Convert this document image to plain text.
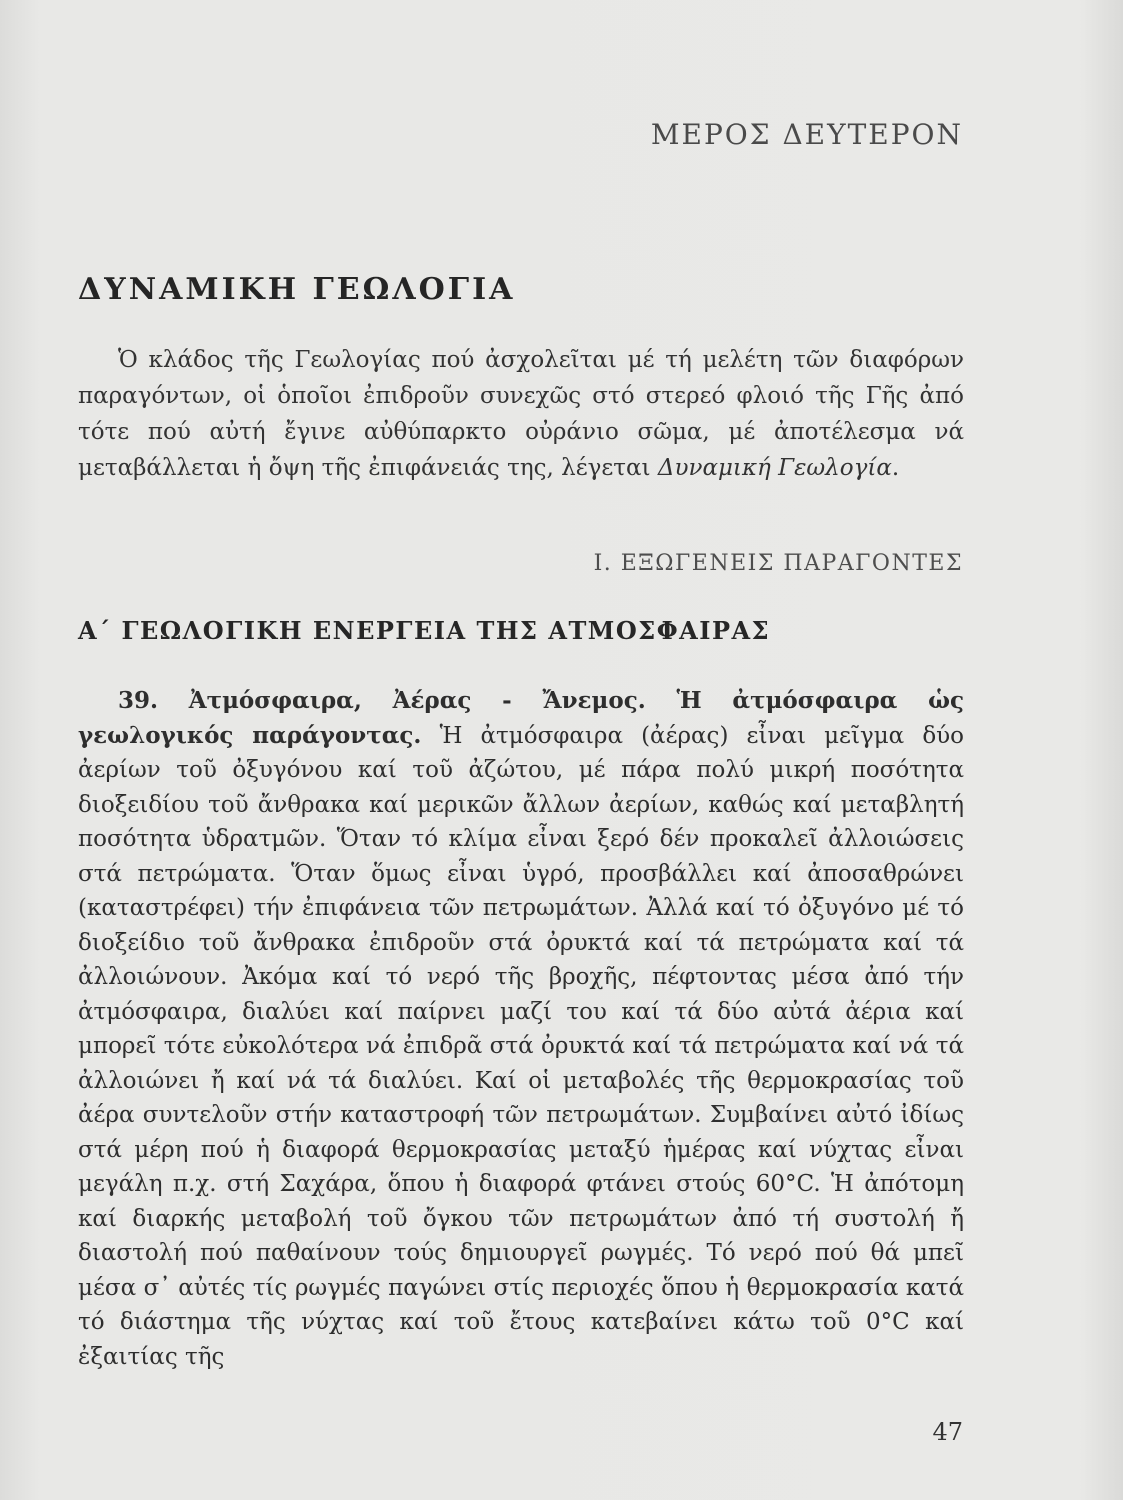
ΜΕΡΟΣ ΔΕΥΤΕΡΟΝ
ΔΥΝΑΜΙΚΗ ΓΕΩΛΟΓΙΑ

Ὁ κλάδος τῆς Γεωλογίας πού ἀσχολεῖται μέ τή μελέτη τῶν διαφόρων παραγόντων, οἱ ὁποῖοι ἐπιδροῦν συνεχῶς στό στερεό φλοιό τῆς Γῆς ἀπό τότε πού αὐτή ἔγινε αὐθύπαρκτο οὐράνιο σῶμα, μέ ἀποτέλεσμα νά μεταβάλλεται ἡ ὄψη τῆς ἐπιφάνειάς της, λέγεται Δυναμική Γεωλογία.

Ι. ΕΞΩΓΕΝΕΙΣ ΠΑΡΑΓΟΝΤΕΣ
Α΄ ΓΕΩΛΟΓΙΚΗ ΕΝΕΡΓΕΙΑ ΤΗΣ ΑΤΜΟΣΦΑΙΡΑΣ

39. Ἀτμόσφαιρα, Ἀέρας - Ἄνεμος. Ἡ ἀτμόσφαιρα ὡς γεωλογικός παράγοντας. Ἡ ἀτμόσφαιρα (ἀέρας) εἶναι μεῖγμα δύο ἀερίων τοῦ ὀξυγόνου καί τοῦ ἀζώτου, μέ πάρα πολύ μικρή ποσότητα διοξειδίου τοῦ ἄνθρακα καί μερικῶν ἄλλων ἀερίων, καθώς καί μεταβλητή ποσότητα ὑδρατμῶν. Ὅταν τό κλίμα εἶναι ξερό δέν προκαλεῖ ἀλλοιώσεις στά πετρώματα. Ὅταν ὅμως εἶναι ὑγρό, προσβάλλει καί ἀποσαθρώνει (καταστρέφει) τήν ἐπιφάνεια τῶν πετρωμάτων. Ἀλλά καί τό ὀξυγόνο μέ τό διοξείδιο τοῦ ἄνθρακα ἐπιδροῦν στά ὀρυκτά καί τά πετρώματα καί τά ἀλλοιώνουν. Ἀκόμα καί τό νερό τῆς βροχῆς, πέφτοντας μέσα ἀπό τήν ἀτμόσφαιρα, διαλύει καί παίρνει μαζί του καί τά δύο αὐτά ἀέρια καί μπορεῖ τότε εὐκολότερα νά ἐπιδρᾶ στά ὀρυκτά καί τά πετρώματα καί νά τά ἀλλοιώνει ἤ καί νά τά διαλύει. Καί οἱ μεταβολές τῆς θερμοκρασίας τοῦ ἀέρα συντελοῦν στήν καταστροφή τῶν πετρωμάτων. Συμβαίνει αὐτό ἰδίως στά μέρη πού ἡ διαφορά θερμοκρασίας μεταξύ ἡμέρας καί νύχτας εἶναι μεγάλη π.χ. στή Σαχάρα, ὅπου ἡ διαφορά φτάνει στούς 60°C. Ἡ ἀπότομη καί διαρκής μεταβολή τοῦ ὄγκου τῶν πετρωμάτων ἀπό τή συστολή ἤ διαστολή πού παθαίνουν τούς δημιουργεῖ ρωγμές. Τό νερό πού θά μπεῖ μέσα σ᾿ αὐτές τίς ρωγμές παγώνει στίς περιοχές ὅπου ἡ θερμοκρασία κατά τό διάστημα τῆς νύχτας καί τοῦ ἔτους κατεβαίνει κάτω τοῦ 0°C καί ἐξαιτίας τῆς

47
